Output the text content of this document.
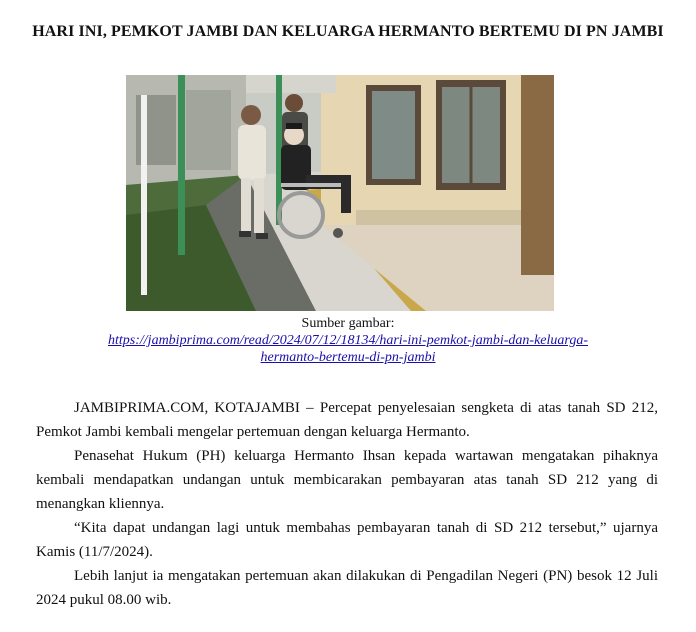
HARI INI, PEMKOT JAMBI DAN KELUARGA HERMANTO BERTEMU DI PN JAMBI
Sumber gambar:
https://jambiprima.com/read/2024/07/12/18134/hari-ini-pemkot-jambi-dan-keluarga-
hermanto-bertemu-di-pn-jambi

JAMBIPRIMA.COM, KOTAJAMBI – Percepat penyelesaian sengketa di atas tanah SD 212, Pemkot Jambi kembali mengelar pertemuan dengan keluarga Hermanto.

Penasehat Hukum (PH) keluarga Hermanto Ihsan kepada wartawan mengatakan pihaknya kembali mendapatkan undangan untuk membicarakan pembayaran atas tanah SD 212 yang di menangkan kliennya.

“Kita dapat undangan lagi untuk membahas pembayaran tanah di SD 212 tersebut,” ujarnya Kamis (11/7/2024).

Lebih lanjut ia mengatakan pertemuan akan dilakukan di Pengadilan Negeri (PN) besok 12 Juli 2024 pukul 08.00 wib.
